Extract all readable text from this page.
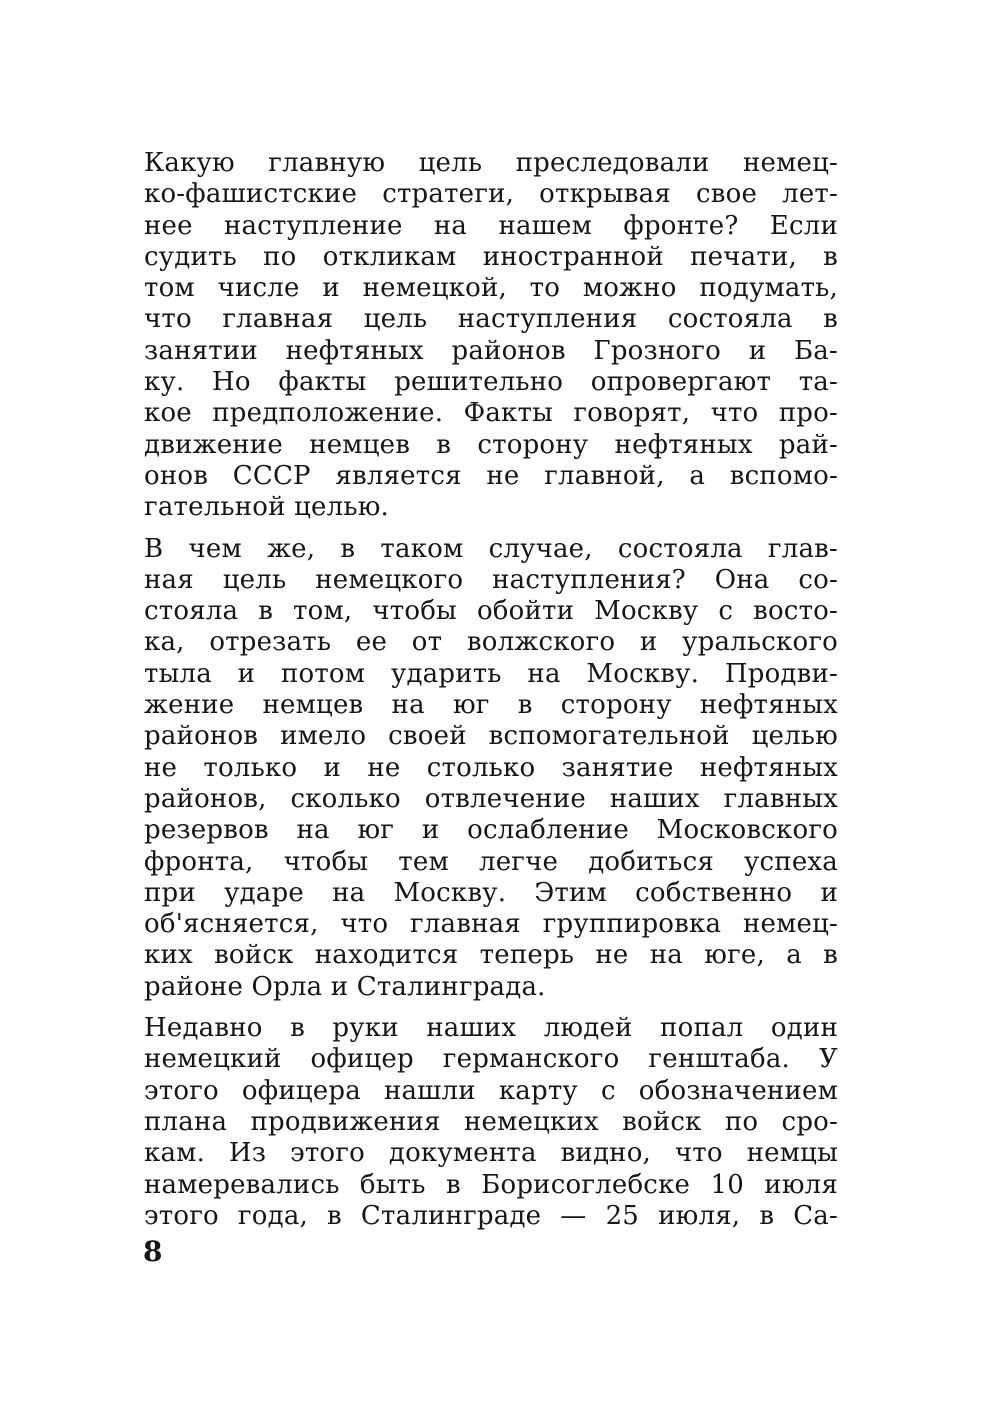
Какую главную цель преследовали немец-
ко-фашистские стратеги, открывая свое лет-
нее наступление на нашем фронте? Если
судить по откликам иностранной печати, в
том числе и немецкой, то можно подумать,
что главная цель наступления состояла в
занятии нефтяных районов Грозного и Ба-
ку. Но факты решительно опровергают та-
кое предположение. Факты говорят, что про-
движение немцев в сторону нефтяных рай-
онов СССР является не главной, а вспомо-
гательной целью.
В чем же, в таком случае, состояла глав-
ная цель немецкого наступления? Она со-
стояла в том, чтобы обойти Москву с восто-
ка, отрезать ее от волжского и уральского
тыла и потом ударить на Москву. Продви-
жение немцев на юг в сторону нефтяных
районов имело своей вспомогательной целью
не только и не столько занятие нефтяных
районов, сколько отвлечение наших главных
резервов на юг и ослабление Московского
фронта, чтобы тем легче добиться успеха
при ударе на Москву. Этим собственно и
об'ясняется, что главная группировка немец-
ких войск находится теперь не на юге, а в
районе Орла и Сталинграда.
Недавно в руки наших людей попал один
немецкий офицер германского генштаба. У
этого офицера нашли карту с обозначением
плана продвижения немецких войск по сро-
кам. Из этого документа видно, что немцы
намеревались быть в Борисоглебске 10 июля
этого года, в Сталинграде — 25 июля, в Са-
8
